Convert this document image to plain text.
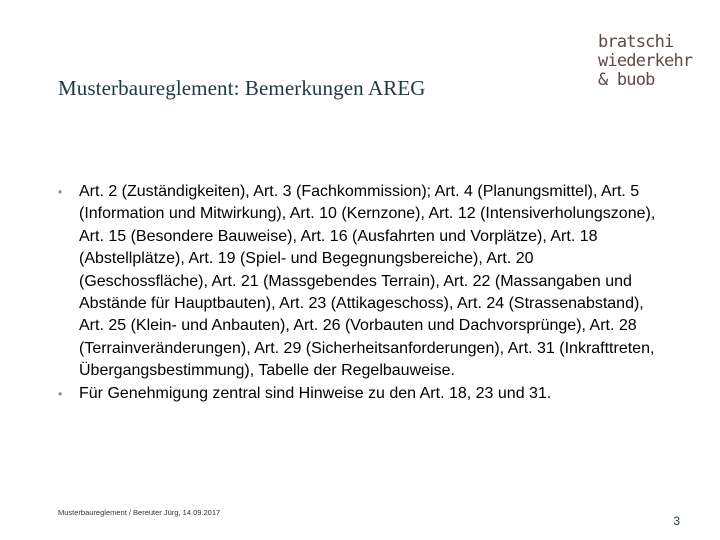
Musterbaureglement: Bemerkungen AREG
bratschi
wiederkehr
& buob
•	Art. 2 (Zuständigkeiten), Art. 3 (Fachkommission); Art. 4 (Planungsmittel), Art. 5 (Information und Mitwirkung), Art. 10 (Kernzone), Art. 12 (Intensiverholungszone), Art. 15 (Besondere Bauweise), Art. 16 (Ausfahrten und Vorplätze), Art. 18 (Abstellplätze), Art. 19 (Spiel- und Begegnungsbereiche), Art. 20 (Geschossfläche), Art. 21 (Massgebendes Terrain), Art. 22 (Massangaben und Abstände für Hauptbauten), Art. 23 (Attikageschoss), Art. 24 (Strassenabstand), Art. 25 (Klein- und Anbauten), Art. 26 (Vorbauten und Dachvorsprünge), Art. 28 (Terrainveränderungen), Art. 29 (Sicherheitsanforderungen), Art. 31 (Inkrafttreten, Übergangsbestimmung), Tabelle der Regelbauweise.
•	Für Genehmigung zentral sind Hinweise zu den Art. 18, 23 und 31.
Musterbaureglement / Bereuter Jürg, 14.09.2017
3
